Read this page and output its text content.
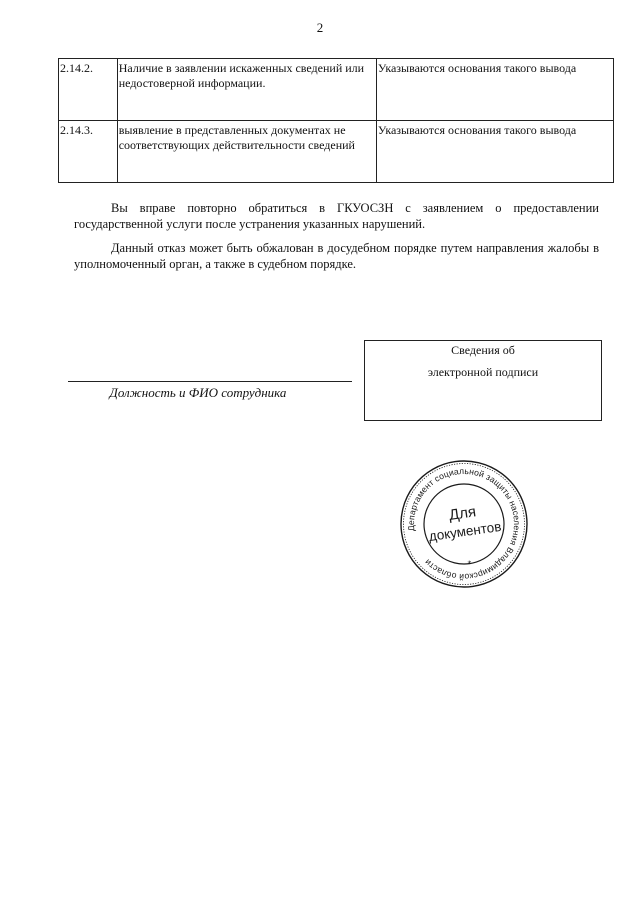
2
2.14.2.	Наличие в заявлении искаженных сведений или недостоверной информации.	Указываются основания такого вывода
2.14.3.	выявление в представленных документах не соответствующих действительности сведений	Указываются основания такого вывода

Вы вправе повторно обратиться в ГКУОСЗН с заявлением о предоставлении государственной услуги после устранения указанных нарушений.

Данный отказ может быть обжалован в досудебном порядке путем направления жалобы в уполномоченный орган, а также в судебном порядке.

Должность и ФИО сотрудника
Сведения об
электронной подписи
Департамент социальной защиты населения Владимирской области	*
Для
документов
